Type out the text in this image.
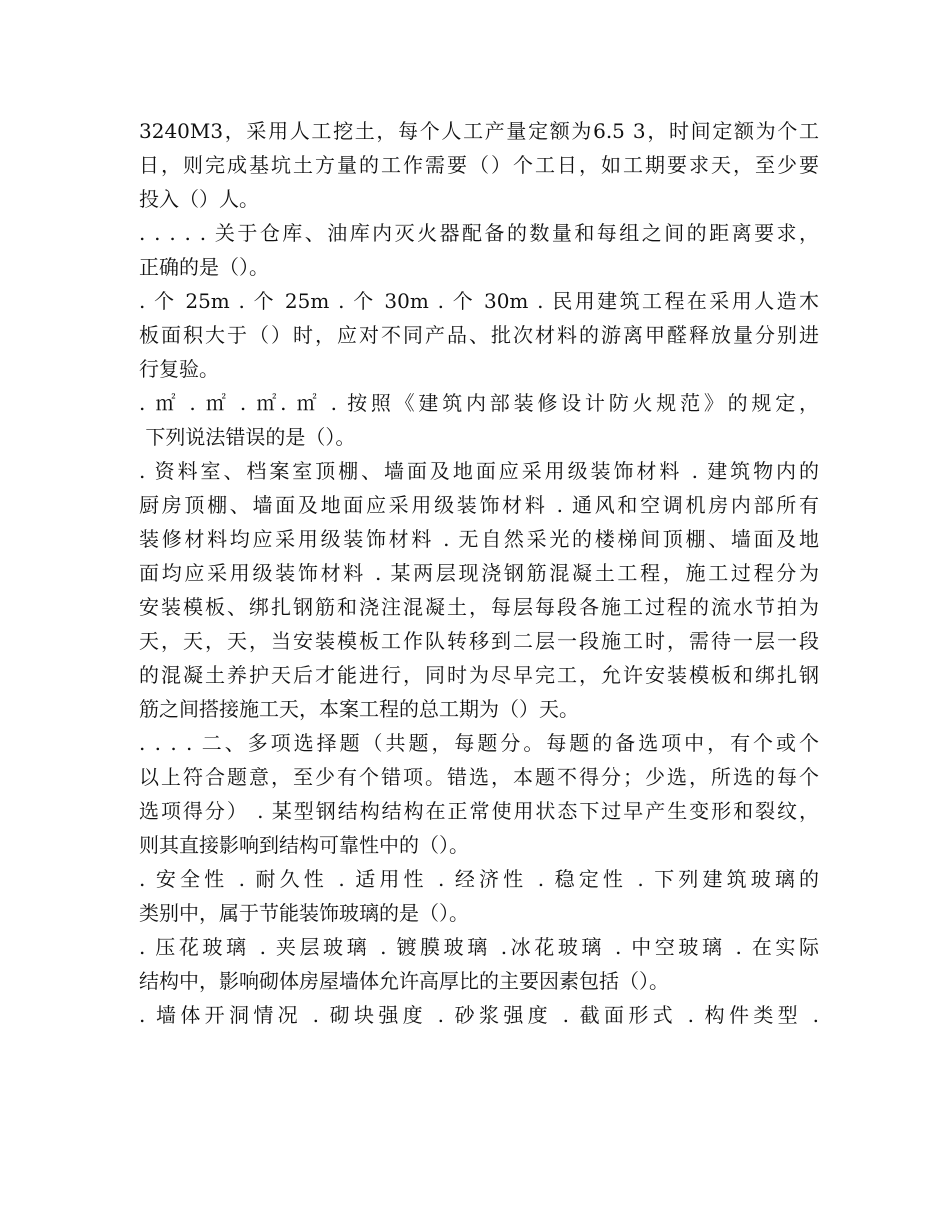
3240M3，采用人工挖土，每个人工产量定额为6.5 3，时间定额为个工
日，则完成基坑土方量的工作需要（）个工日，如工期要求天，至少要
投入（）人。
. . . . . 关于仓库、油库内灭火器配备的数量和每组之间的距离要求，
正确的是（）。
. 个 25m . 个 25m . 个 30m . 个 30m . 民用建筑工程在采用人造木
板面积大于（）时，应对不同产品、批次材料的游离甲醛释放量分别进
行复验。
. ㎡ . ㎡ . ㎡. ㎡ . 按照《建筑内部装修设计防火规范》的规定，
下列说法错误的是（）。
. 资料室、档案室顶棚、墙面及地面应采用级装饰材料 . 建筑物内的
厨房顶棚、墙面及地面应采用级装饰材料 . 通风和空调机房内部所有
装修材料均应采用级装饰材料 . 无自然采光的楼梯间顶棚、墙面及地
面均应采用级装饰材料 . 某两层现浇钢筋混凝土工程，施工过程分为
安装模板、绑扎钢筋和浇注混凝土，每层每段各施工过程的流水节拍为
天，天，天，当安装模板工作队转移到二层一段施工时，需待一层一段
的混凝土养护天后才能进行，同时为尽早完工，允许安装模板和绑扎钢
筋之间搭接施工天，本案工程的总工期为（）天。
. . . . 二、多项选择题（共题，每题分。每题的备选项中，有个或个
以上符合题意，至少有个错项。错选，本题不得分；少选，所选的每个
选项得分） . 某型钢结构结构在正常使用状态下过早产生变形和裂纹，
则其直接影响到结构可靠性中的（）。
. 安全性 . 耐久性 . 适用性 . 经济性 . 稳定性 . 下列建筑玻璃的
类别中，属于节能装饰玻璃的是（）。
. 压花玻璃 . 夹层玻璃 . 镀膜玻璃 .冰花玻璃 . 中空玻璃 . 在实际
结构中，影响砌体房屋墙体允许高厚比的主要因素包括（）。
. 墙体开洞情况 . 砌块强度 . 砂浆强度 . 截面形式 . 构件类型 .
